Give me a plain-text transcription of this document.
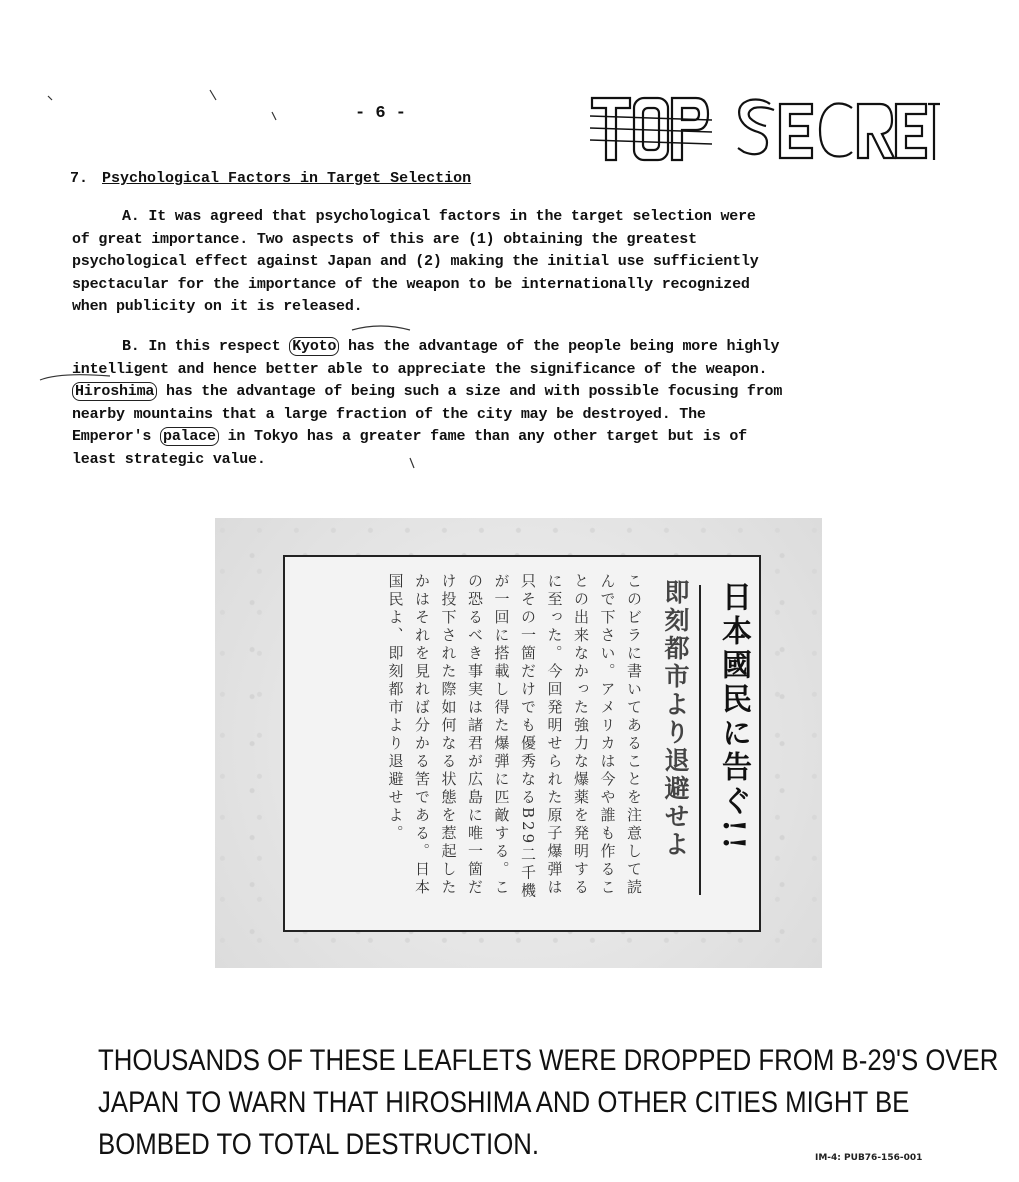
- 6 -
7. Psychological Factors in Target Selection
A. It was agreed that psychological factors in the target selection were
of great importance. Two aspects of this are (1) obtaining the greatest
psychological effect against Japan and (2) making the initial use sufficiently
spectacular for the importance of the weapon to be internationally recognized
when publicity on it is released.
B. In this respect Kyoto has the advantage of the people being more highly
intelligent and hence better able to appreciate the significance of the weapon.
Hiroshima has the advantage of being such a size and with possible focusing from
nearby mountains that a large fraction of the city may be destroyed. The
Emperor's palace in Tokyo has a greater fame than any other target but is of
least strategic value.
このビラに書いてあることを注意して読んで下さい。アメリカは今や誰も作ることの出来なかった強力な爆薬を発明するに至った。今回発明せられた原子爆弾は只その一箇だけでも優秀なるB29二千機が一回に搭載し得た爆弾に匹敵する。この恐るべき事実は諸君が広島に唯一箇だけ投下された際如何なる状態を惹起したかはそれを見れば分かる筈である。日本国民よ、即刻都市より退避せよ。	即刻都市より退避せよ 日本國民に告ぐ!!
THOUSANDS OF THESE LEAFLETS WERE DROPPED FROM B-29'S OVER
JAPAN TO WARN THAT HIROSHIMA AND OTHER CITIES MIGHT BE
BOMBED TO TOTAL DESTRUCTION.	IM-4: PUB76-156-001
